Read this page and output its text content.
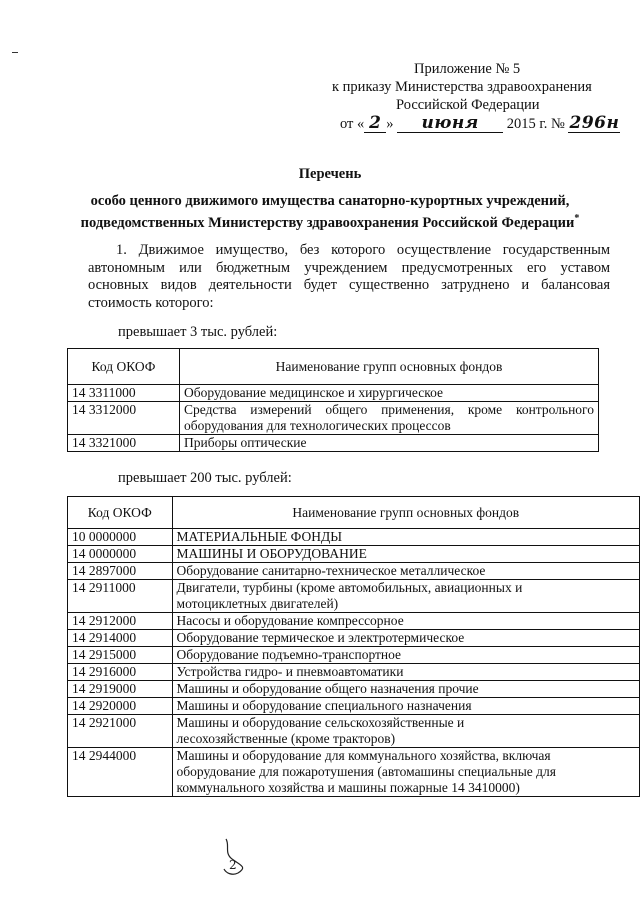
Приложение № 5
к приказу Министерства здравоохранения
Российской Федерации
от « 2 » июня 2015 г. № 296н
Перечень
особо ценного движимого имущества санаторно-курортных учреждений,
подведомственных Министерству здравоохранения Российской Федерации*
1. Движимое имущество, без которого осуществление государственным автономным или бюджетным учреждением предусмотренных его уставом основных видов деятельности будет существенно затруднено и балансовая стоимость которого:
превышает 3 тыс. рублей:
Код ОКОФ	Наименование групп основных фондов
14 3311000	Оборудование медицинское и хирургическое
14 3312000	Средства измерений общего применения, кроме контрольного оборудования для технологических процессов
14 3321000	Приборы оптические
превышает 200 тыс. рублей:
Код ОКОФ	Наименование групп основных фондов
10 0000000	МАТЕРИАЛЬНЫЕ ФОНДЫ
14 0000000	МАШИНЫ И ОБОРУДОВАНИЕ
14 2897000	Оборудование санитарно-техническое металлическое
14 2911000	Двигатели, турбины (кроме автомобильных, авиационных и мотоциклетных двигателей)
14 2912000	Насосы и оборудование компрессорное
14 2914000	Оборудование термическое и электротермическое
14 2915000	Оборудование подъемно-транспортное
14 2916000	Устройства гидро- и пневмоавтоматики
14 2919000	Машины и оборудование общего назначения прочие
14 2920000	Машины и оборудование специального назначения
14 2921000	Машины и оборудование сельскохозяйственные и лесохозяйственные (кроме тракторов)
14 2944000	Машины и оборудование для коммунального хозяйства, включая оборудование для пожаротушения (автомашины специальные для коммунального хозяйства и машины пожарные 14 3410000)
2
